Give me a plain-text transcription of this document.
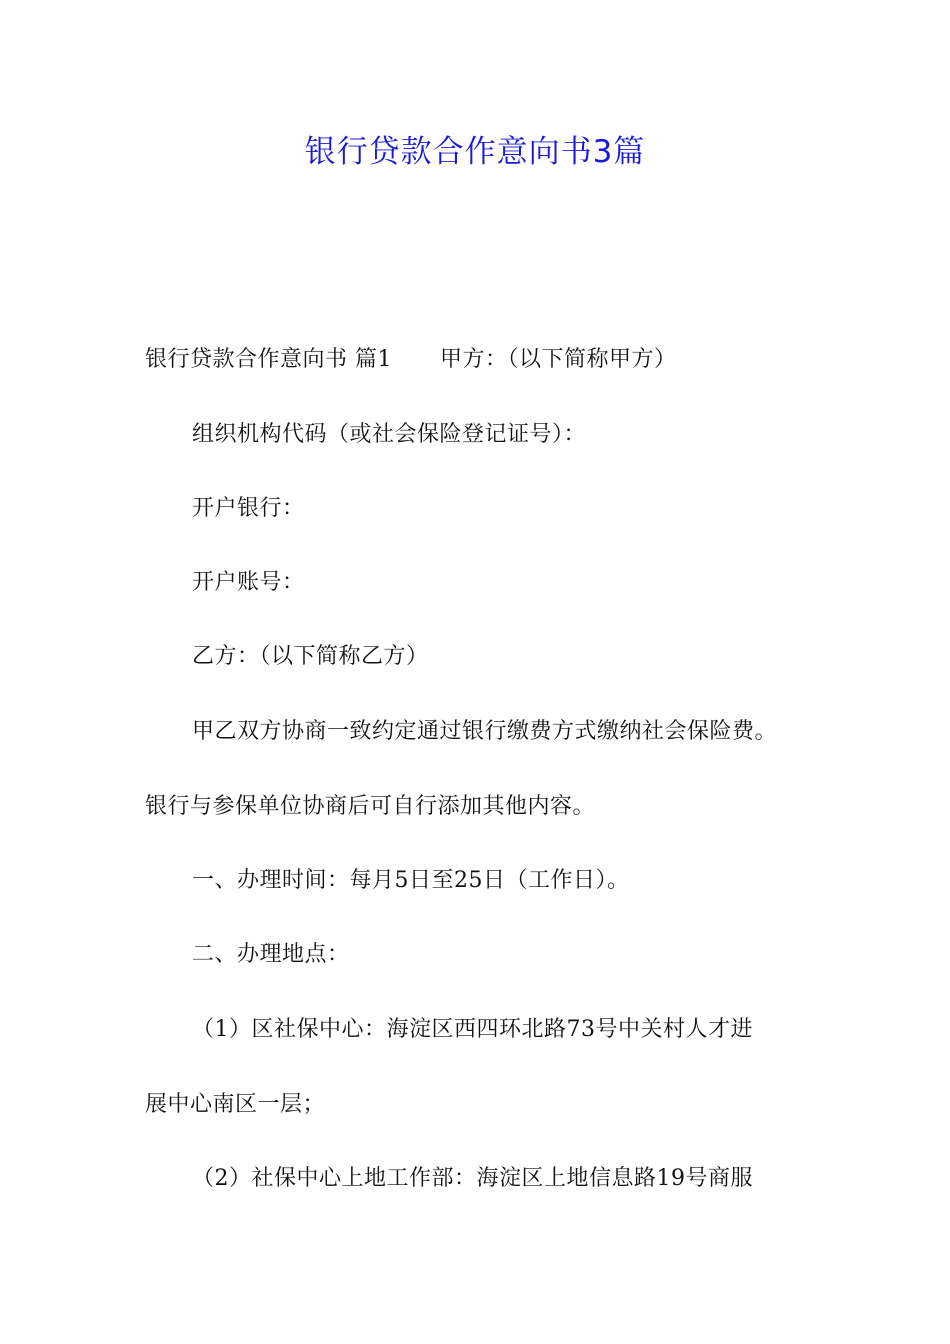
银行贷款合作意向书3篇
银行贷款合作意向书 篇1 甲方：（以下简称甲方）
组织机构代码（或社会保险登记证号）：
开户银行：
开户账号：
乙方：（以下简称乙方）
甲乙双方协商一致约定通过银行缴费方式缴纳社会保险费。
银行与参保单位协商后可自行添加其他内容。
一、办理时间：每月5日至25日（工作日）。
二、办理地点：
（1）区社保中心：海淀区西四环北路73号中关村人才进
展中心南区一层；
（2）社保中心上地工作部：海淀区上地信息路19号商服
